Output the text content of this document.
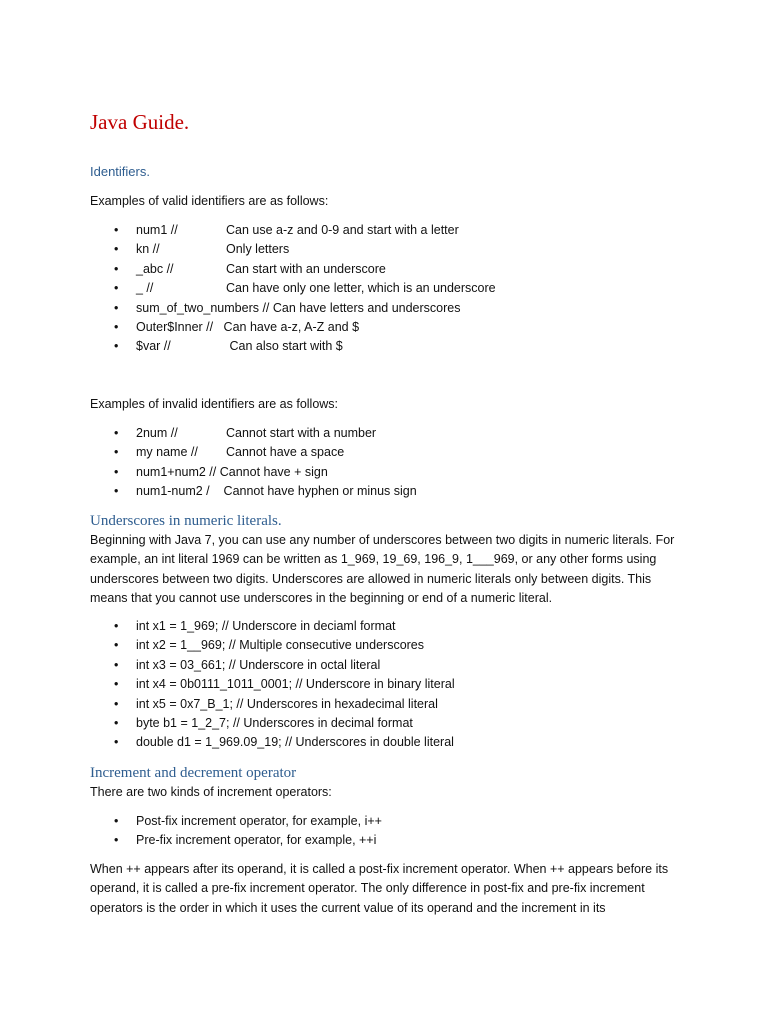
Java Guide.
Identifiers.
Examples of valid identifiers are as follows:
• num1 //	Can use a-z and 0-9 and start with a letter
• kn //	Only letters
• _abc //	Can start with an underscore
• _ //	Can have only one letter, which is an underscore
• sum_of_two_numbers // Can have letters and underscores
• Outer$Inner //   Can have a-z, A-Z and $
• $var //	Can also start with $
Examples of invalid identifiers are as follows:
• 2num //	Cannot start with a number
• my name // Cannot have a space
• num1+num2 // Cannot have + sign
• num1-num2 /    Cannot have hyphen or minus sign
Underscores in numeric literals.
Beginning with Java 7, you can use any number of underscores between two digits in numeric literals. For example, an int literal 1969 can be written as 1_969, 19_69, 196_9, 1___969, or any other forms using underscores between two digits. Underscores are allowed in numeric literals only between digits. This means that you cannot use underscores in the beginning or end of a numeric literal.
• int x1 = 1_969; // Underscore in deciaml format
• int x2 = 1__969; // Multiple consecutive underscores
• int x3 = 03_661; // Underscore in octal literal
• int x4 = 0b0111_1011_0001; // Underscore in binary literal
• int x5 = 0x7_B_1; // Underscores in hexadecimal literal
• byte b1 = 1_2_7; // Underscores in decimal format
• double d1 = 1_969.09_19; // Underscores in double literal
Increment and decrement operator
There are two kinds of increment operators:
• Post-fix increment operator, for example, i++
• Pre-fix increment operator, for example, ++i
When ++ appears after its operand, it is called a post-fix increment operator. When ++ appears before its operand, it is called a pre-fix increment operator. The only difference in post-fix and pre-fix increment operators is the order in which it uses the current value of its operand and the increment in its
